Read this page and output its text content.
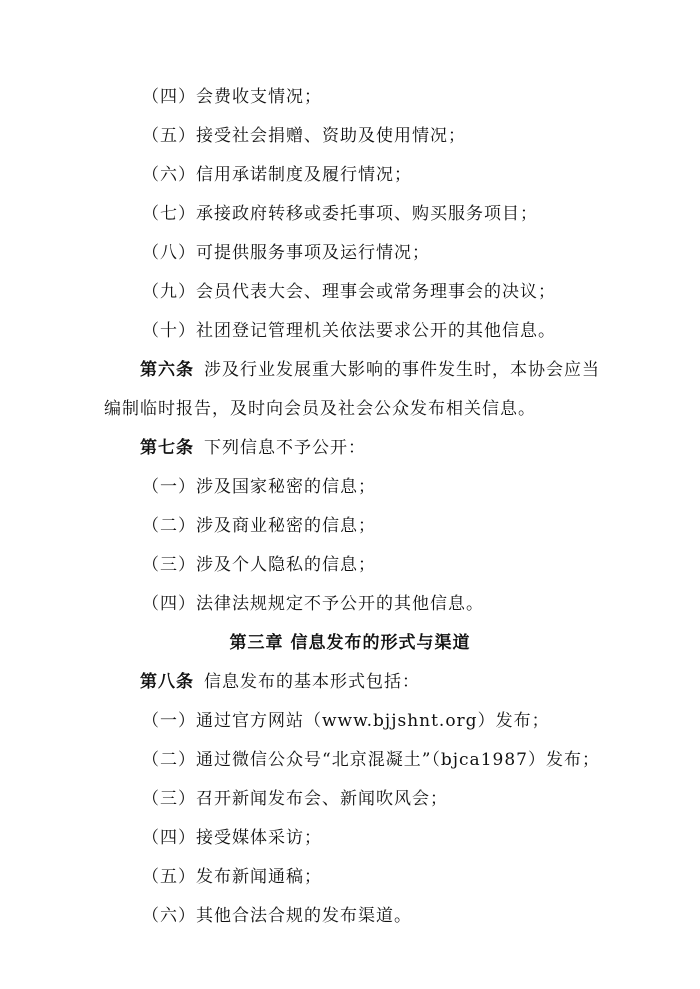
（四）会费收支情况；
（五）接受社会捐赠、资助及使用情况；
（六）信用承诺制度及履行情况；
（七）承接政府转移或委托事项、购买服务项目；
（八）可提供服务事项及运行情况；
（九）会员代表大会、理事会或常务理事会的决议；
（十）社团登记管理机关依法要求公开的其他信息。
第六条 涉及行业发展重大影响的事件发生时，本协会应当
编制临时报告，及时向会员及社会公众发布相关信息。
第七条 下列信息不予公开：
（一）涉及国家秘密的信息；
（二）涉及商业秘密的信息；
（三）涉及个人隐私的信息；
（四）法律法规规定不予公开的其他信息。
第三章 信息发布的形式与渠道
第八条 信息发布的基本形式包括：
（一）通过官方网站（www.bjjshnt.org）发布；
（二）通过微信公众号“北京混凝土”（bjca1987）发布；
（三）召开新闻发布会、新闻吹风会；
（四）接受媒体采访；
（五）发布新闻通稿；
（六）其他合法合规的发布渠道。
